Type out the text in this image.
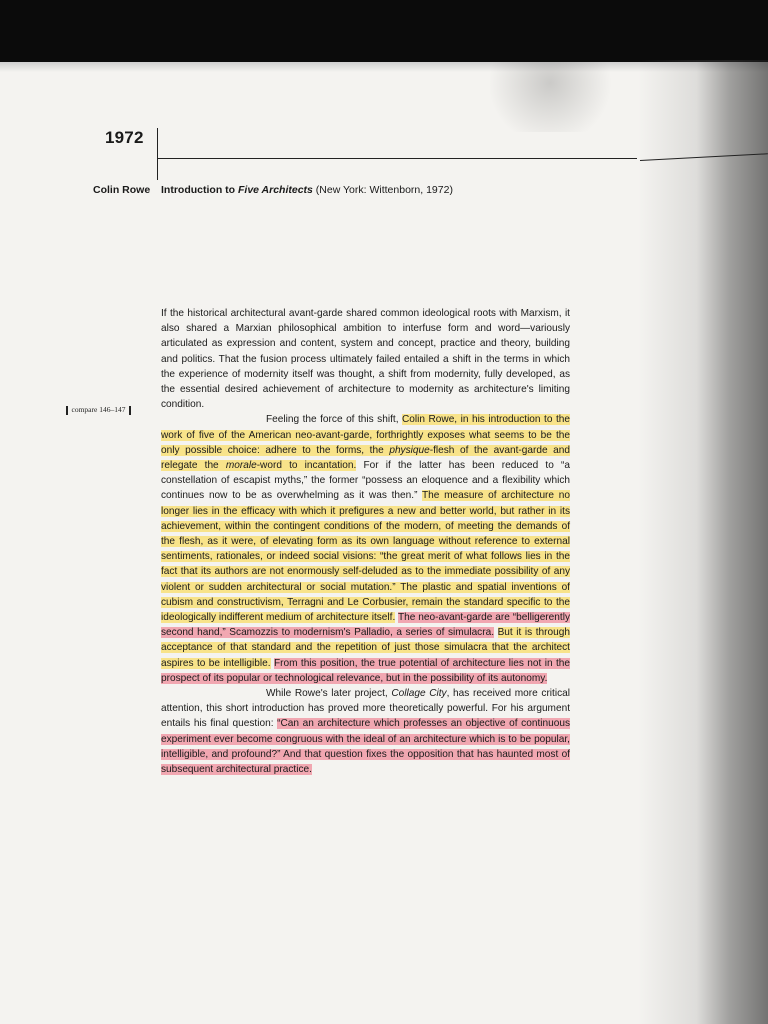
1972
Colin Rowe Introduction to Five Architects (New York: Wittenborn, 1972)
compare 146–147

If the historical architectural avant-garde shared common ideological roots with Marxism, it also shared a Marxian philosophical ambition to interfuse form and word—variously articulated as expression and content, system and concept, practice and theory, building and politics. That the fusion process ultimately failed entailed a shift in the terms in which the experience of modernity itself was thought, a shift from modernity, fully developed, as the essential desired achievement of architecture to modernity as architecture's limiting condition.

Feeling the force of this shift, Colin Rowe, in his introduction to the work of five of the American neo-avant-garde, forthrightly exposes what seems to be the only possible choice: adhere to the forms, the physique-flesh of the avant-garde and relegate the morale-word to incantation. For if the latter has been reduced to “a constellation of escapist myths,” the former “possess an eloquence and a flexibility which continues now to be as overwhelming as it was then.” The measure of architecture no longer lies in the efficacy with which it prefigures a new and better world, but rather in its achievement, within the contingent conditions of the modern, of meeting the demands of the flesh, as it were, of elevating form as its own language without reference to external sentiments, rationales, or indeed social visions: “the great merit of what follows lies in the fact that its authors are not enormously self-deluded as to the immediate possibility of any violent or sudden architectural or social mutation.” The plastic and spatial inventions of cubism and constructivism, Terragni and Le Corbusier, remain the standard specific to the ideologically indifferent medium of architecture itself. The neo-avant-garde are “belligerently second hand,” Scamozzis to modernism's Palladio, a series of simulacra. But it is through acceptance of that standard and the repetition of just those simulacra that the architect aspires to be intelligible. From this position, the true potential of architecture lies not in the prospect of its popular or technological relevance, but in the possibility of its autonomy.

While Rowe's later project, Collage City, has received more critical attention, this short introduction has proved more theoretically powerful. For his argument entails his final question: “Can an architecture which professes an objective of continuous experiment ever become congruous with the ideal of an architecture which is to be popular, intelligible, and profound?” And that question fixes the opposition that has haunted most of subsequent architectural practice.
